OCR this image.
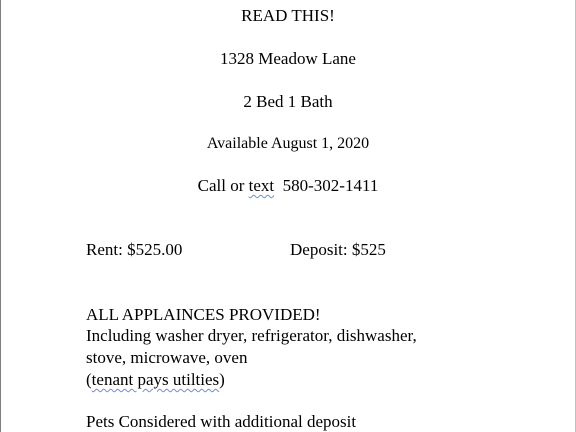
READ THIS!
1328 Meadow Lane
2 Bed 1 Bath
Available August 1, 2020
Call or text  580-302-1411
Rent: $525.00	Deposit: $525
ALL APPLAINCES PROVIDED!
Including washer dryer, refrigerator, dishwasher,
stove, microwave, oven
(tenant pays utilties)
Pets Considered with additional deposit
